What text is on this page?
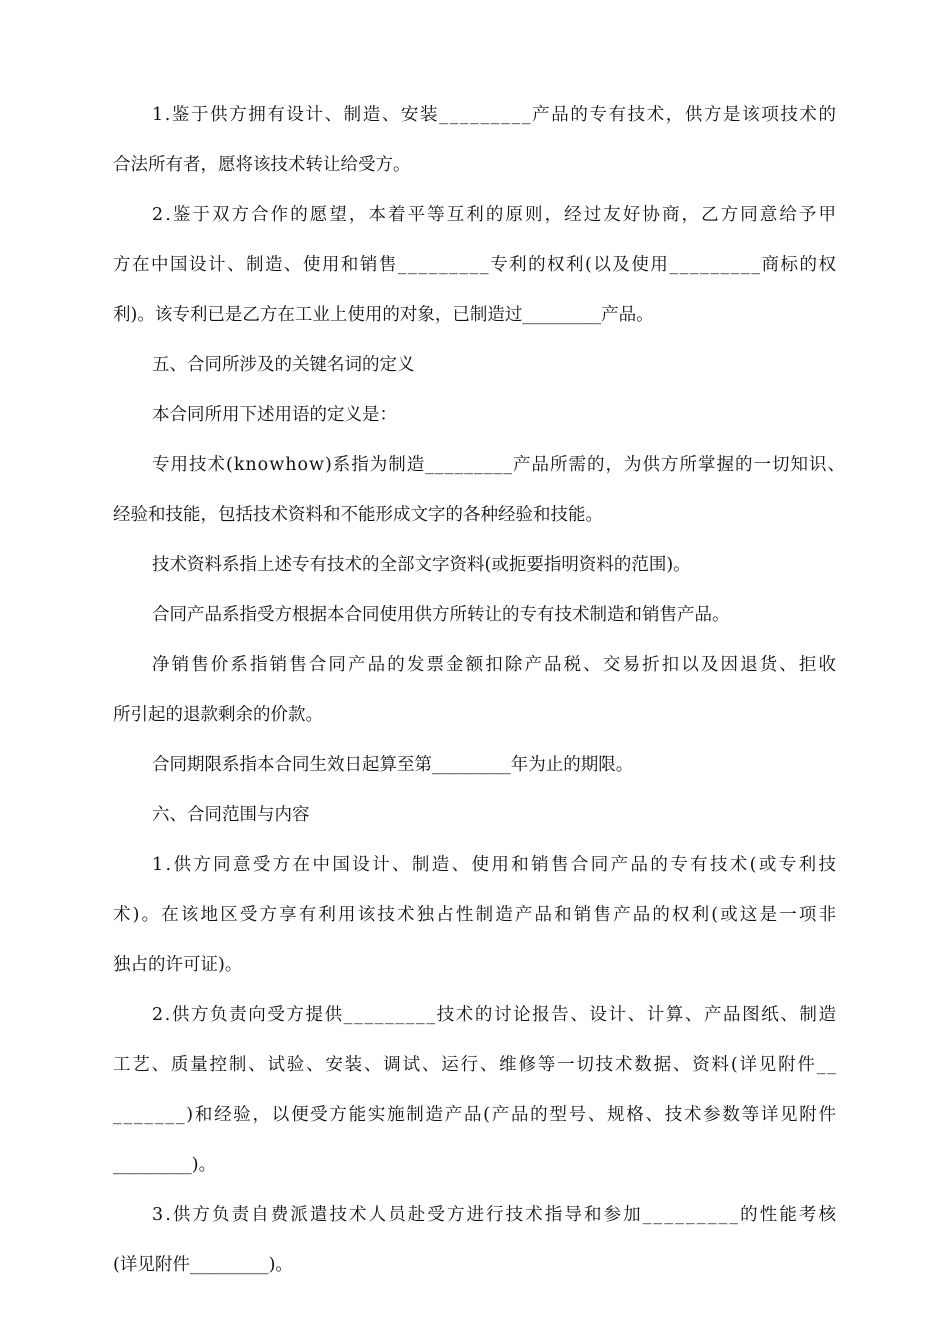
1.鉴于供方拥有设计、制造、安装_________产品的专有技术，供方是该项技术的
合法所有者，愿将该技术转让给受方。
2.鉴于双方合作的愿望，本着平等互利的原则，经过友好协商，乙方同意给予甲
方在中国设计、制造、使用和销售_________专利的权利(以及使用_________商标的权
利)。该专利已是乙方在工业上使用的对象，已制造过_________产品。
五、合同所涉及的关键名词的定义
本合同所用下述用语的定义是：
专用技术(knowhow)系指为制造_________产品所需的，为供方所掌握的一切知识、
经验和技能，包括技术资料和不能形成文字的各种经验和技能。
技术资料系指上述专有技术的全部文字资料(或扼要指明资料的范围)。
合同产品系指受方根据本合同使用供方所转让的专有技术制造和销售产品。
净销售价系指销售合同产品的发票金额扣除产品税、交易折扣以及因退货、拒收
所引起的退款剩余的价款。
合同期限系指本合同生效日起算至第_________年为止的期限。
六、合同范围与内容
1.供方同意受方在中国设计、制造、使用和销售合同产品的专有技术(或专利技
术)。在该地区受方享有利用该技术独占性制造产品和销售产品的权利(或这是一项非
独占的许可证)。
2.供方负责向受方提供_________技术的讨论报告、设计、计算、产品图纸、制造
工艺、质量控制、试验、安装、调试、运行、维修等一切技术数据、资料(详见附件__
_______)和经验，以便受方能实施制造产品(产品的型号、规格、技术参数等详见附件
_________)。
3.供方负责自费派遣技术人员赴受方进行技术指导和参加_________的性能考核
(详见附件_________)。
